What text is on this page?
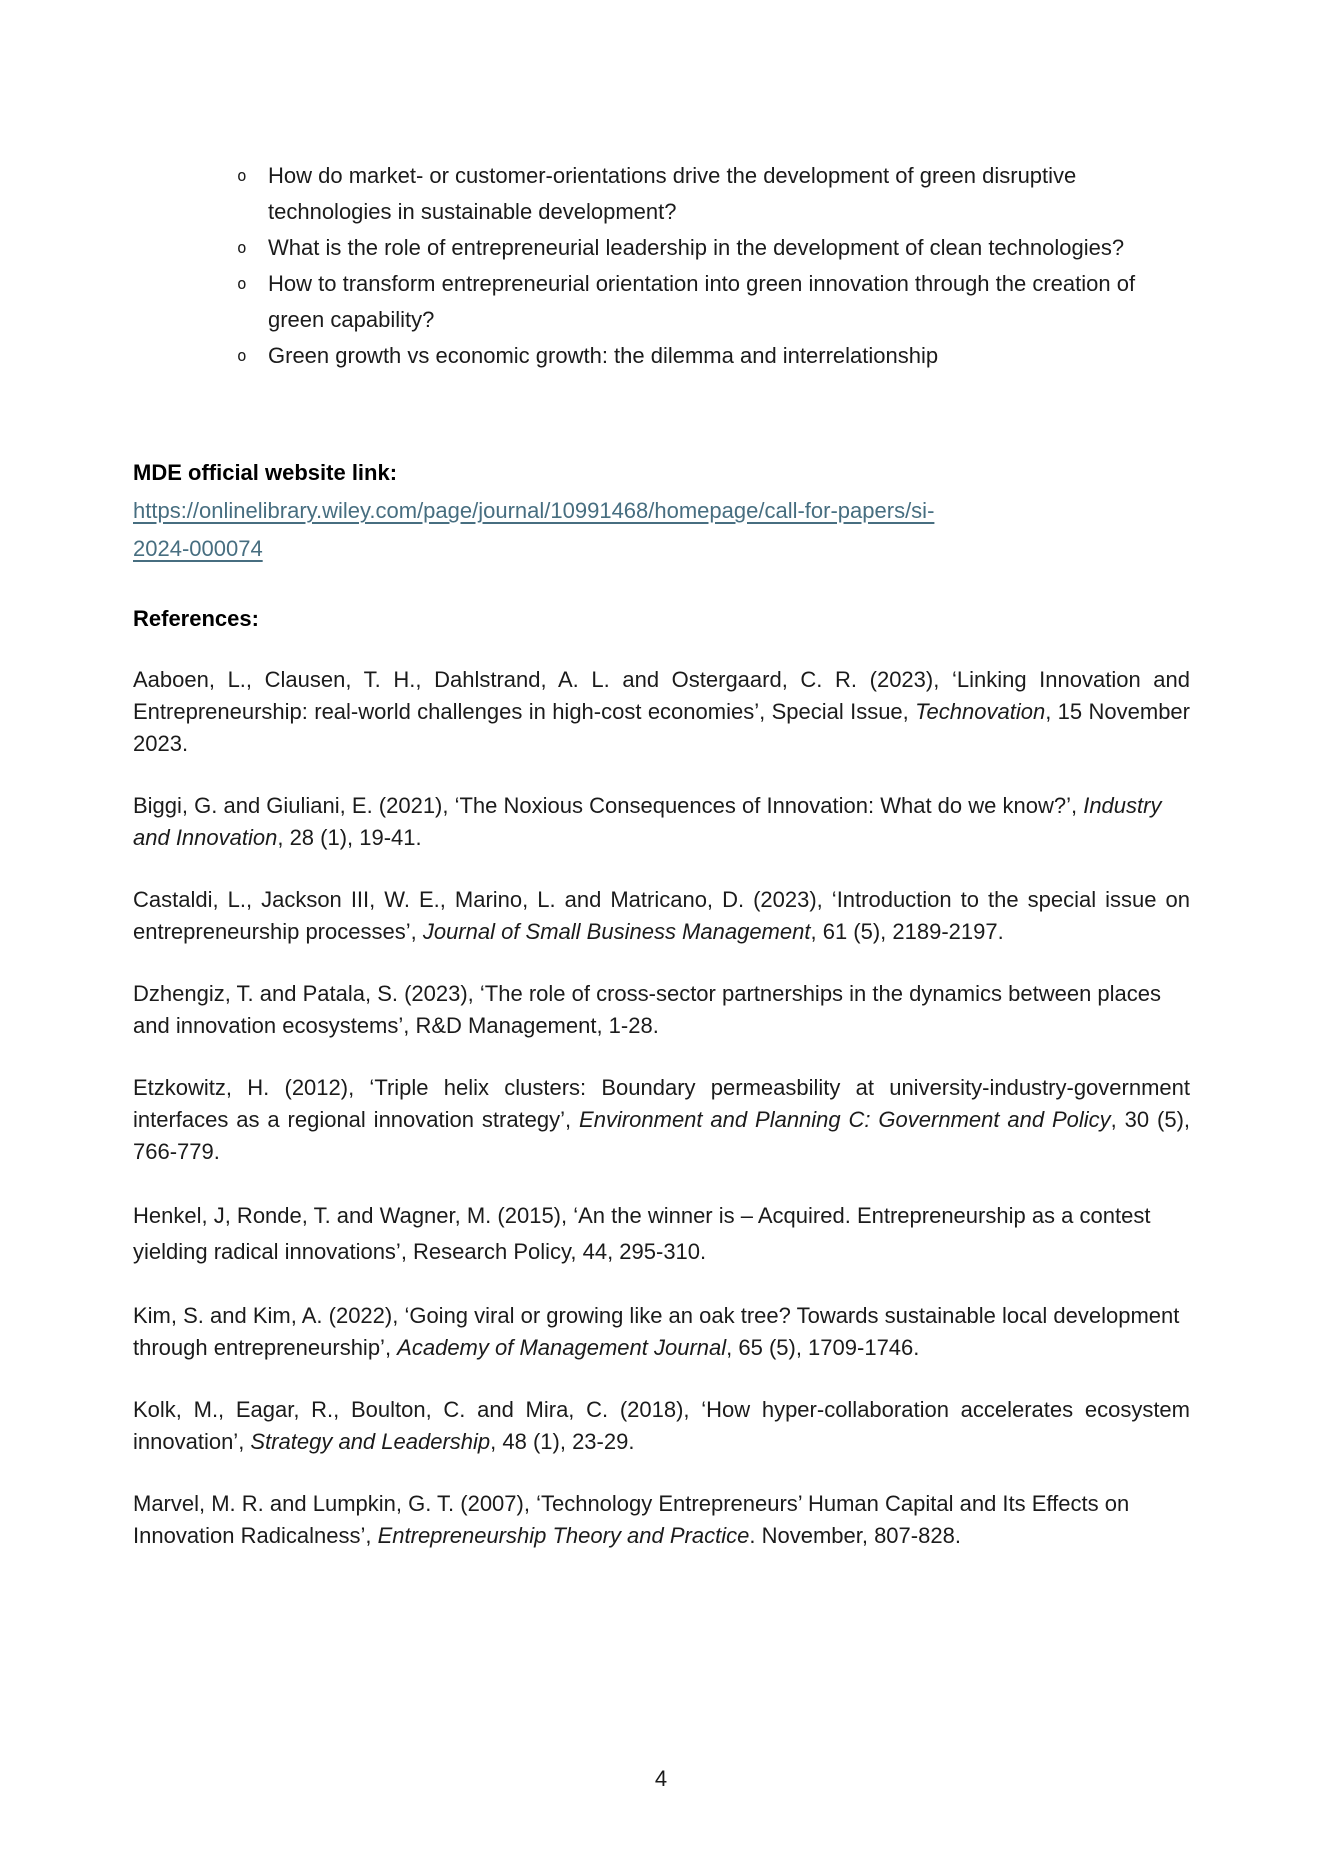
o How do market- or customer-orientations drive the development of green disruptive technologies in sustainable development?
o What is the role of entrepreneurial leadership in the development of clean technologies?
o How to transform entrepreneurial orientation into green innovation through the creation of green capability?
o Green growth vs economic growth: the dilemma and interrelationship
MDE official website link:
https://onlinelibrary.wiley.com/page/journal/10991468/homepage/call-for-papers/si-
2024-000074
References:

Aaboen, L., Clausen, T. H., Dahlstrand, A. L. and Ostergaard, C. R. (2023), ‘Linking Innovation and Entrepreneurship: real-world challenges in high-cost economies’, Special Issue, Technovation, 15 November 2023.

Biggi, G. and Giuliani, E. (2021), ‘The Noxious Consequences of Innovation: What do we know?’, Industry and Innovation, 28 (1), 19-41.

Castaldi, L., Jackson III, W. E., Marino, L. and Matricano, D. (2023), ‘Introduction to the special issue on entrepreneurship processes’, Journal of Small Business Management, 61 (5), 2189-2197.

Dzhengiz, T. and Patala, S. (2023), ‘The role of cross-sector partnerships in the dynamics between places and innovation ecosystems’, R&D Management, 1-28.

Etzkowitz, H. (2012), ‘Triple helix clusters: Boundary permeasbility at university-industry-government interfaces as a regional innovation strategy’, Environment and Planning C: Government and Policy, 30 (5), 766-779.

Henkel, J, Ronde, T. and Wagner, M. (2015), ‘An the winner is – Acquired. Entrepreneurship as a contest yielding radical innovations’, Research Policy, 44, 295-310.

Kim, S. and Kim, A. (2022), ‘Going viral or growing like an oak tree? Towards sustainable local development through entrepreneurship’, Academy of Management Journal, 65 (5), 1709-1746.

Kolk, M., Eagar, R., Boulton, C. and Mira, C. (2018), ‘How hyper-collaboration accelerates ecosystem innovation’, Strategy and Leadership, 48 (1), 23-29.

Marvel, M. R. and Lumpkin, G. T. (2007), ‘Technology Entrepreneurs’ Human Capital and Its Effects on Innovation Radicalness’, Entrepreneurship Theory and Practice. November, 807-828.

4
